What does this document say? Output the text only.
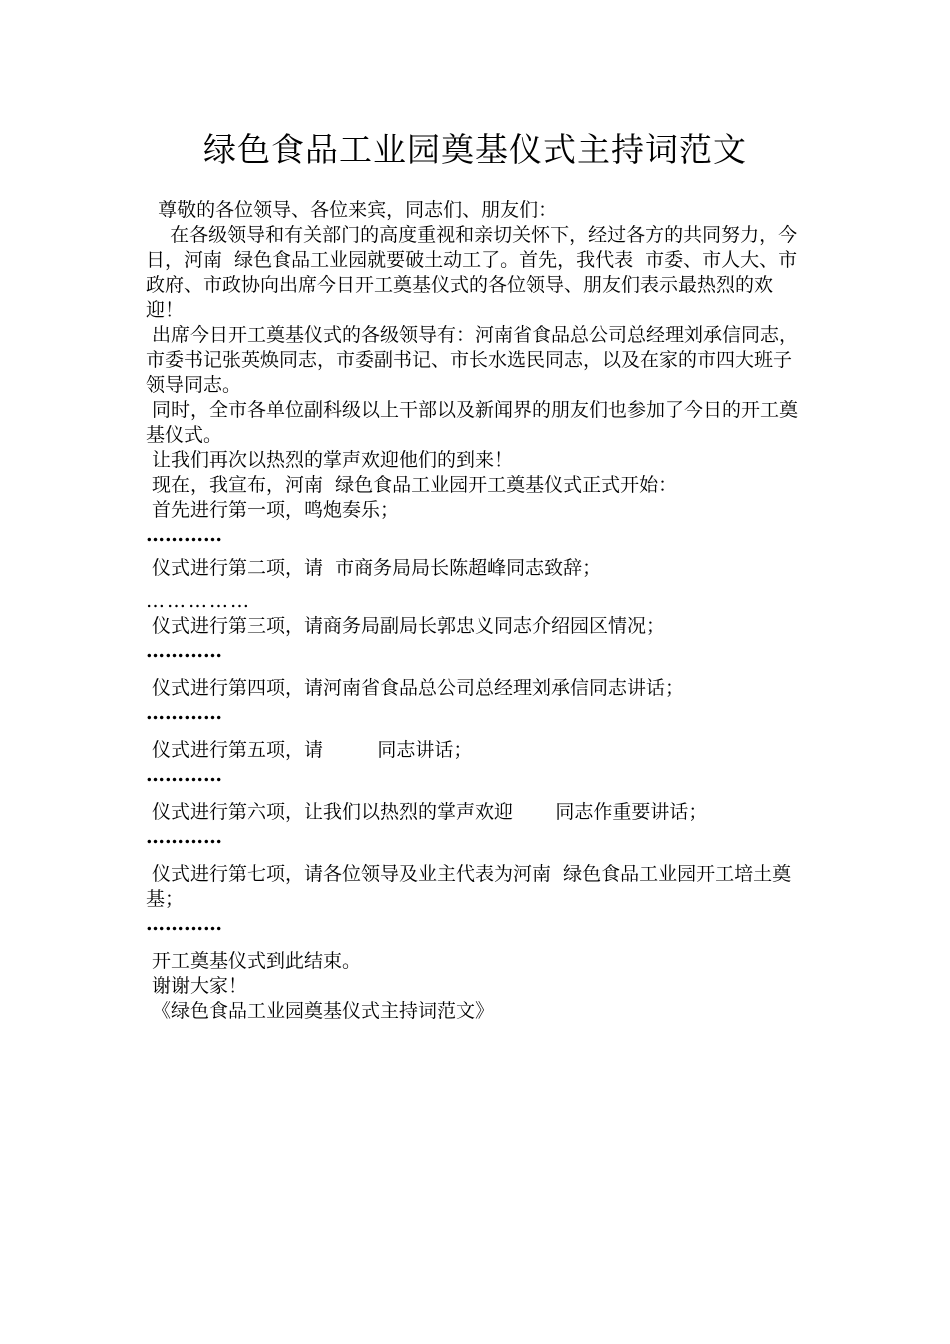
绿色食品工业园奠基仪式主持词范文

尊敬的各位领导、各位来宾，同志们、朋友们：

在各级领导和有关部门的高度重视和亲切关怀下，经过各方的共同努力，今日，河南  绿色食品工业园就要破土动工了。首先，我代表  市委、市人大、市政府、市政协向出席今日开工奠基仪式的各位领导、朋友们表示最热烈的欢迎！

出席今日开工奠基仪式的各级领导有：河南省食品总公司总经理刘承信同志，   市委书记张英焕同志，市委副书记、市长水选民同志，以及在家的市四大班子领导同志。

同时，全市各单位副科级以上干部以及新闻界的朋友们也参加了今日的开工奠基仪式。

让我们再次以热烈的掌声欢迎他们的到来！

现在，我宣布，河南  绿色食品工业园开工奠基仪式正式开始：

首先进行第一项，鸣炮奏乐；

…………

仪式进行第二项，请  市商务局局长陈超峰同志致辞；

……………

仪式进行第三项，请商务局副局长郭忠义同志介绍园区情况；

…………

仪式进行第四项，请河南省食品总公司总经理刘承信同志讲话；

…………

仪式进行第五项，请         同志讲话；

…………

仪式进行第六项，让我们以热烈的掌声欢迎       同志作重要讲话；

…………

仪式进行第七项，请各位领导及业主代表为河南  绿色食品工业园开工培土奠基；

…………

开工奠基仪式到此结束。

谢谢大家！

《绿色食品工业园奠基仪式主持词范文》
